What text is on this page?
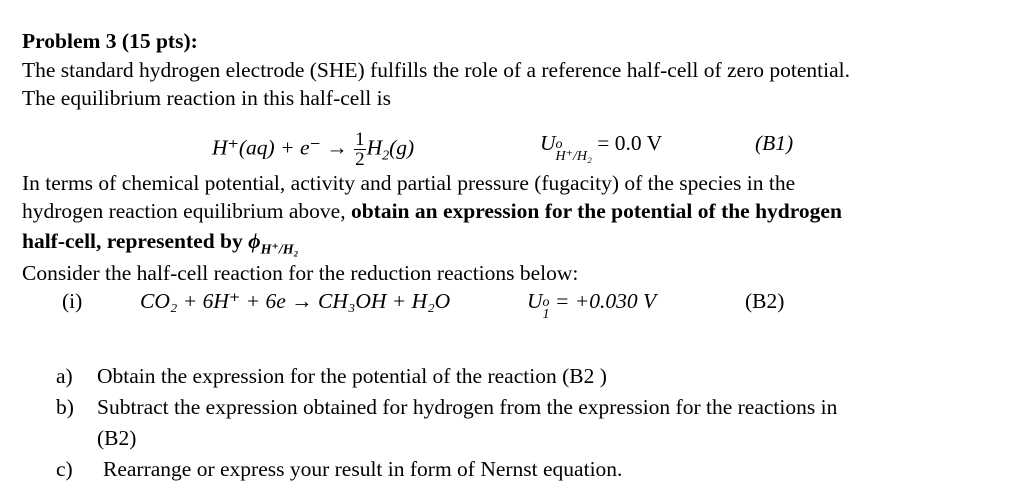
Problem 3 (15 pts):
The standard hydrogen electrode (SHE) fulfills the role of a reference half-cell of zero potential.
The equilibrium reaction in this half-cell is
$H^+(aq) + e^- \to \frac{1}{2} H_2(g)$	U o
H⁺/H₂
= 0.0 V	(B1)
In terms of chemical potential, activity and partial pressure (fugacity) of the species in the
hydrogen reaction equilibrium above, obtain an expression for the potential of the hydrogen
half-cell, represented by $\phi_{H^+/H_2}$
Consider the half-cell reaction for the reduction reactions below:
(i)	CO₂ + 6H⁺ + 6e → CH₃OH + H₂O	U o
1
= +0.030 V	(B2)
a) Obtain the expression for the potential of the reaction (B2 )
b) Subtract the expression obtained for hydrogen from the expression for the reactions in
(B2)
c) Rearrange or express your result in form of Nernst equation.
